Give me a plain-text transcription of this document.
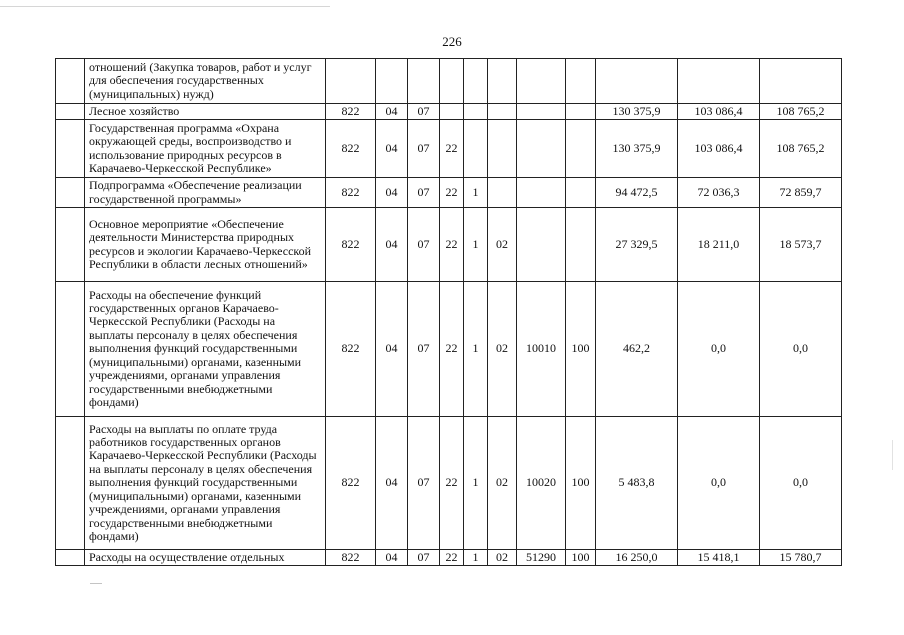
226
	отношений (Закупка товаров, работ и услуг для обеспечения государственных (муниципальных) нужд)											
	Лесное хозяйство	822	04	07						130 375,9	103 086,4	108 765,2
	Государственная программа «Охрана окружающей среды, воспроизводство и использование природных ресурсов в Карачаево-Черкесской Республике»	822	04	07	22					130 375,9	103 086,4	108 765,2
	Подпрограмма «Обеспечение реализации государственной программы»	822	04	07	22	1				94 472,5	72 036,3	72 859,7
	Основное мероприятие «Обеспечение деятельности Министерства природных ресурсов и экологии Карачаево-Черкесской Республики в области лесных отношений»	822	04	07	22	1	02			27 329,5	18 211,0	18 573,7
	Расходы на обеспечение функций государственных органов Карачаево-Черкесской Республики (Расходы на выплаты персоналу в целях обеспечения выполнения функций государственными (муниципальными) органами, казенными учреждениями, органами управления государственными внебюджетными фондами)	822	04	07	22	1	02	10010	100	462,2	0,0	0,0
	Расходы на выплаты по оплате труда работников государственных органов Карачаево-Черкесской Республики (Расходы на выплаты персоналу в целях обеспечения выполнения функций государственными (муниципальными) органами, казенными учреждениями, органами управления государственными внебюджетными фондами)	822	04	07	22	1	02	10020	100	5 483,8	0,0	0,0
	Расходы на осуществление отдельных	822	04	07	22	1	02	51290	100	16 250,0	15 418,1	15 780,7
